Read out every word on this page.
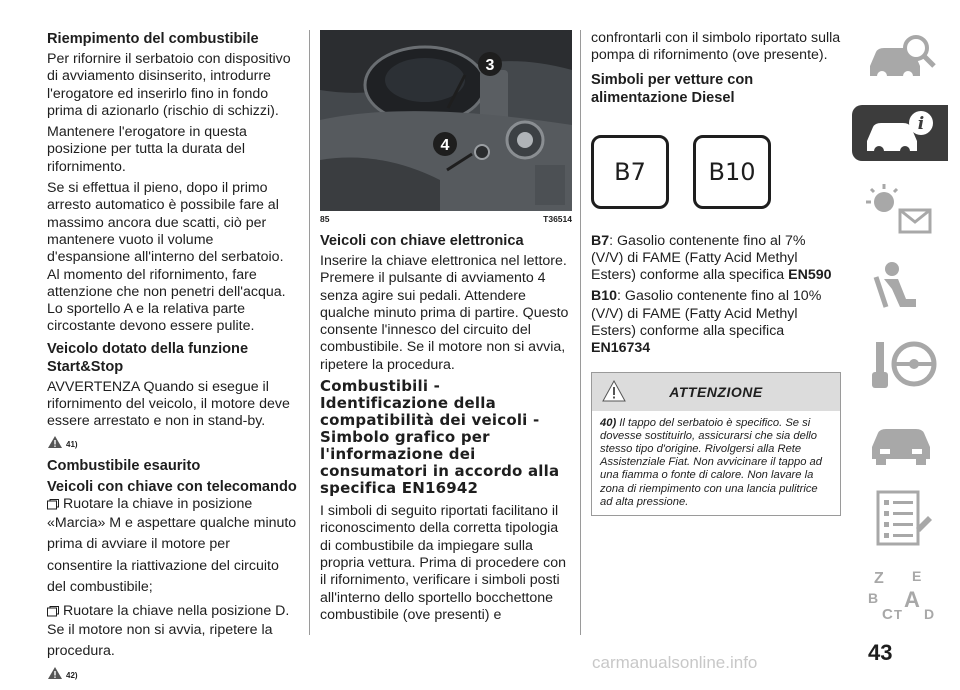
Riempimento del combustibile

Per rifornire il serbatoio con dispositivo di avviamento disinserito, introdurre l'erogatore ed inserirlo fino in fondo prima di azionarlo (rischio di schizzi).

Mantenere l'erogatore in questa posizione per tutta la durata del rifornimento.

Se si effettua il pieno, dopo il primo arresto automatico è possibile fare al massimo ancora due scatti, ciò per mantenere vuoto il volume d'espansione all'interno del serbatoio. Al momento del rifornimento, fare attenzione che non penetri dell'acqua. Lo sportello A e la relativa parte circostante devono essere pulite.

Veicolo dotato della funzione Start&Stop

AVVERTENZA Quando si esegue il rifornimento del veicolo, il motore deve essere arrestato e non in stand-by.

41)
Combustibile esaurito
Veicoli con chiave con telecomando

Ruotare la chiave in posizione

«Marcia» M e aspettare qualche minuto prima di avviare il motore per consentire la riattivazione del circuito del combustibile;

Ruotare la chiave nella posizione D.

Se il motore non si avvia, ripetere la procedura.

42)
3
4
85	T36514
Veicoli con chiave elettronica

Inserire la chiave elettronica nel lettore. Premere il pulsante di avviamento 4 senza agire sui pedali. Attendere qualche minuto prima di partire. Questo consente l'innesco del circuito del combustibile. Se il motore non si avvia, ripetere la procedura.

Combustibili - Identificazione della compatibilità dei veicoli - Simbolo grafico per l'informazione dei consumatori in accordo alla specifica EN16942

I simboli di seguito riportati facilitano il riconoscimento della corretta tipologia di combustibile da impiegare sulla propria vettura. Prima di procedere con il rifornimento, verificare i simboli posti all'interno dello sportello bocchettone combustibile (ove presenti) e

confrontarli con il simbolo riportato sulla pompa di rifornimento (ove presente).

Simboli per vetture con alimentazione Diesel
B7	B10

B7: Gasolio contenente fino al 7% (V/V) di FAME (Fatty Acid Methyl Esters) conforme alla specifica EN590

B10: Gasolio contenente fino al 10% (V/V) di FAME (Fatty Acid Methyl Esters) conforme alla specifica EN16734

ATTENZIONE
40) Il tappo del serbatoio è specifico. Se si dovesse sostituirlo, assicurarsi che sia dello stesso tipo d'origine. Rivolgersi alla Rete Assistenziale Fiat. Non avvicinare il tappo ad una fiamma o fonte di calore. Non lavare la zona di riempimento con una lancia pulitrice ad alta pressione.
i
Z E
B A
C T D
43
carmanualsonline.info
